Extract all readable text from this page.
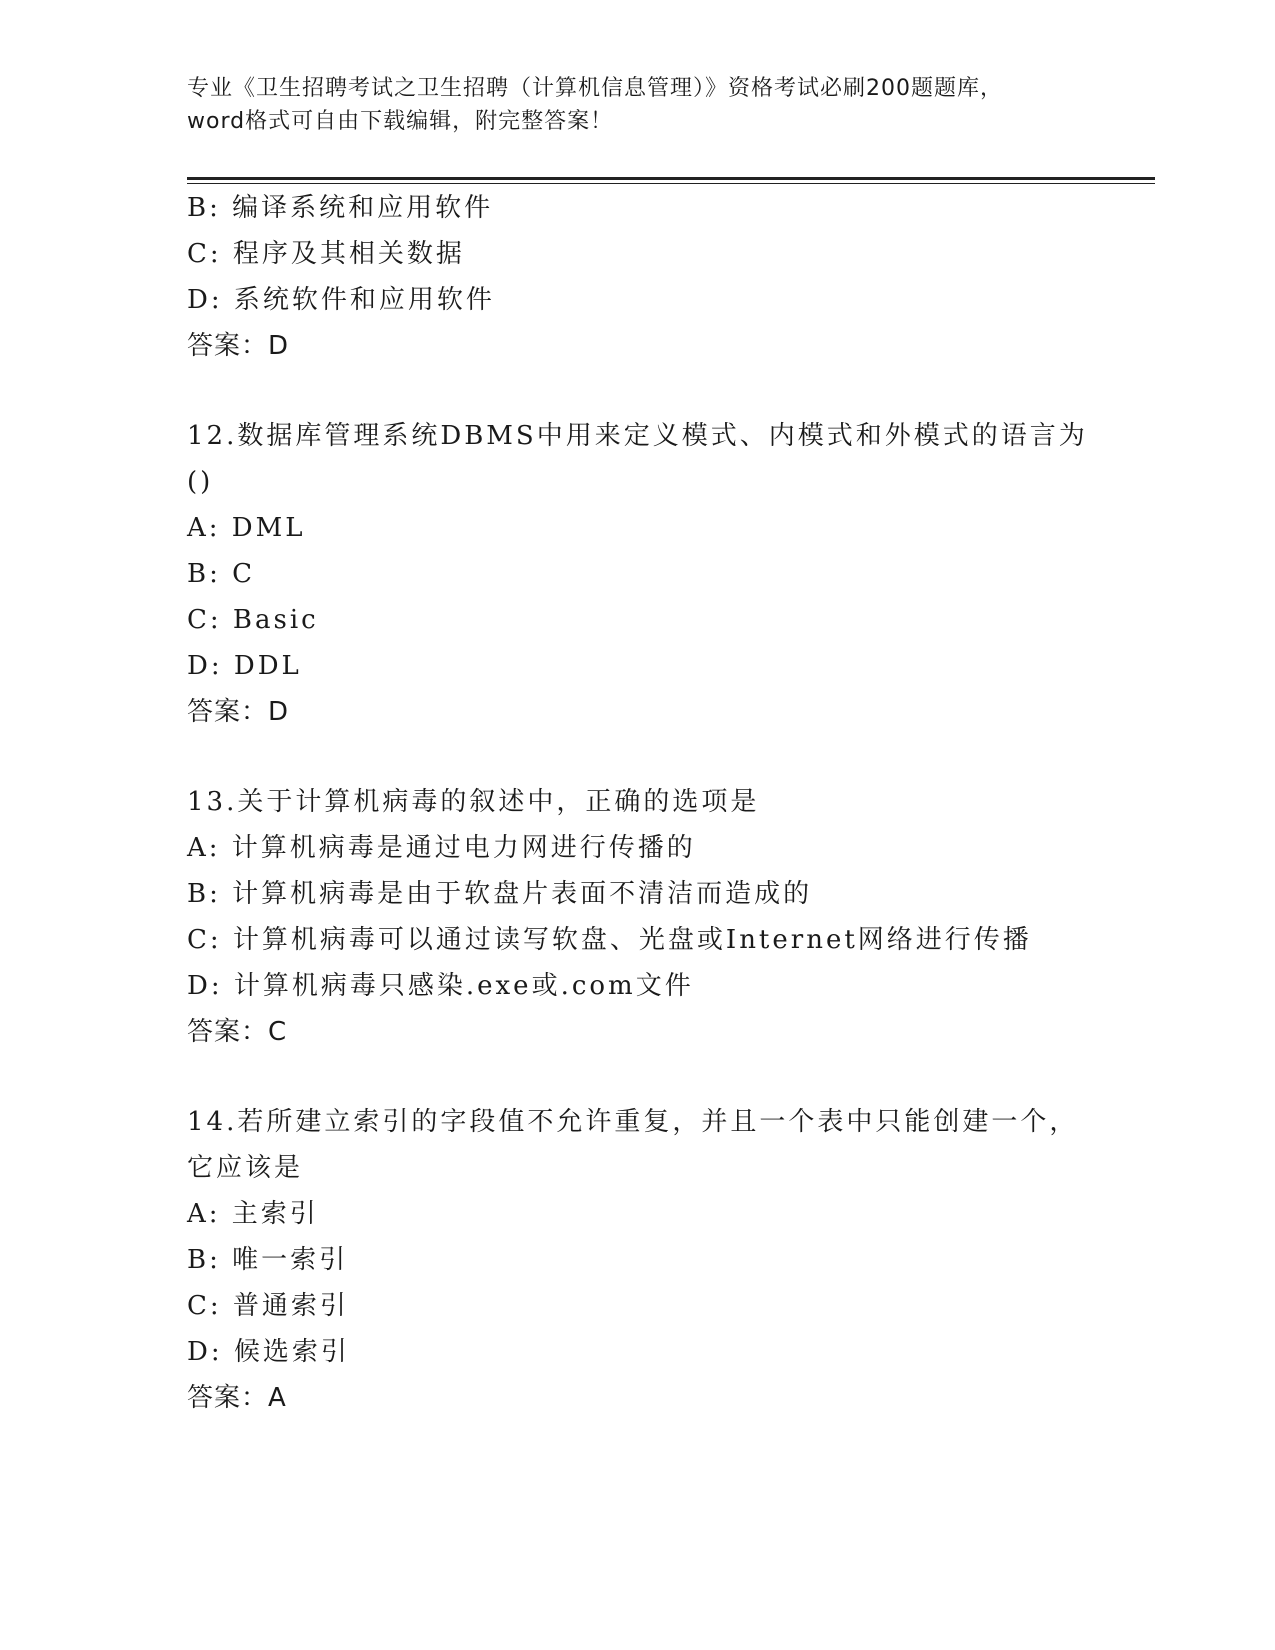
专业《卫生招聘考试之卫生招聘（计算机信息管理）》资格考试必刷200题题库，
word格式可自由下载编辑，附完整答案！
B: 编译系统和应用软件
C: 程序及其相关数据
D: 系统软件和应用软件
答案：D
12.数据库管理系统DBMS中用来定义模式、内模式和外模式的语言为
()
A: DML
B: C
C: Basic
D: DDL
答案：D
13.关于计算机病毒的叙述中，正确的选项是
A: 计算机病毒是通过电力网进行传播的
B: 计算机病毒是由于软盘片表面不清洁而造成的
C: 计算机病毒可以通过读写软盘、光盘或Internet网络进行传播
D: 计算机病毒只感染.exe或.com文件
答案：C
14.若所建立索引的字段值不允许重复，并且一个表中只能创建一个，
它应该是
A: 主索引
B: 唯一索引
C: 普通索引
D: 候选索引
答案：A
